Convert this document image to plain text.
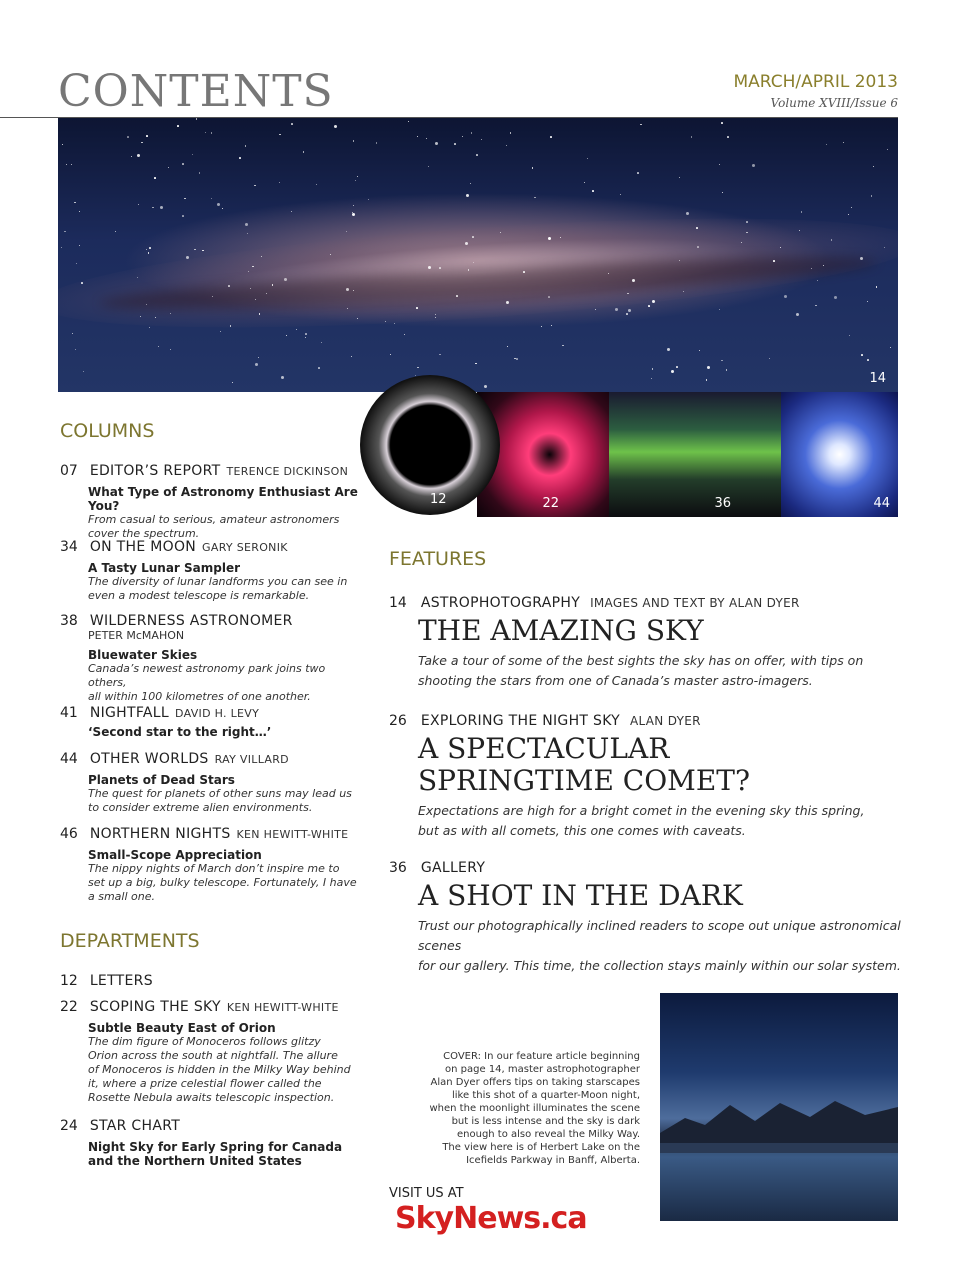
CONTENTS	MARCH/APRIL 2013
Volume XVIII/Issue 6
14
22	36	44
12
COLUMNS
07 EDITOR’S REPORT TERENCE DICKINSON
What Type of Astronomy Enthusiast Are You?
From casual to serious, amateur astronomers
cover the spectrum.
34 ON THE MOON GARY SERONIK
A Tasty Lunar Sampler
The diversity of lunar landforms you can see in
even a modest telescope is remarkable.
38 WILDERNESS ASTRONOMER
PETER McMAHON
Bluewater Skies
Canada’s newest astronomy park joins two others,
all within 100 kilometres of one another.
41 NIGHTFALL DAVID H. LEVY
‘Second star to the right…’
44 OTHER WORLDS RAY VILLARD
Planets of Dead Stars
The quest for planets of other suns may lead us
to consider extreme alien environments.
46 NORTHERN NIGHTS KEN HEWITT-WHITE
Small-Scope Appreciation
The nippy nights of March don’t inspire me to
set up a big, bulky telescope. Fortunately, I have
a small one.
DEPARTMENTS
12 LETTERS
22 SCOPING THE SKY KEN HEWITT-WHITE
Subtle Beauty East of Orion
The dim figure of Monoceros follows glitzy
Orion across the south at nightfall. The allure
of Monoceros is hidden in the Milky Way behind
it, where a prize celestial flower called the
Rosette Nebula awaits telescopic inspection.
24 STAR CHART
Night Sky for Early Spring for Canada
and the Northern United States
FEATURES
14 ASTROPHOTOGRAPHY IMAGES AND TEXT BY ALAN DYER
THE AMAZING SKY
Take a tour of some of the best sights the sky has on offer, with tips on
shooting the stars from one of Canada’s master astro-imagers.
26 EXPLORING THE NIGHT SKY ALAN DYER
A SPECTACULAR
SPRINGTIME COMET?
Expectations are high for a bright comet in the evening sky this spring,
but as with all comets, this one comes with caveats.
36 GALLERY
A SHOT IN THE DARK
Trust our photographically inclined readers to scope out unique astronomical scenes
for our gallery. This time, the collection stays mainly within our solar system.
COVER: In our feature article beginning
on page 14, master astrophotographer
Alan Dyer offers tips on taking starscapes
like this shot of a quarter-Moon night,
when the moonlight illuminates the scene
but is less intense and the sky is dark
enough to also reveal the Milky Way.
The view here is of Herbert Lake on the
Icefields Parkway in Banff, Alberta.
VISIT US AT SkyNews.ca
